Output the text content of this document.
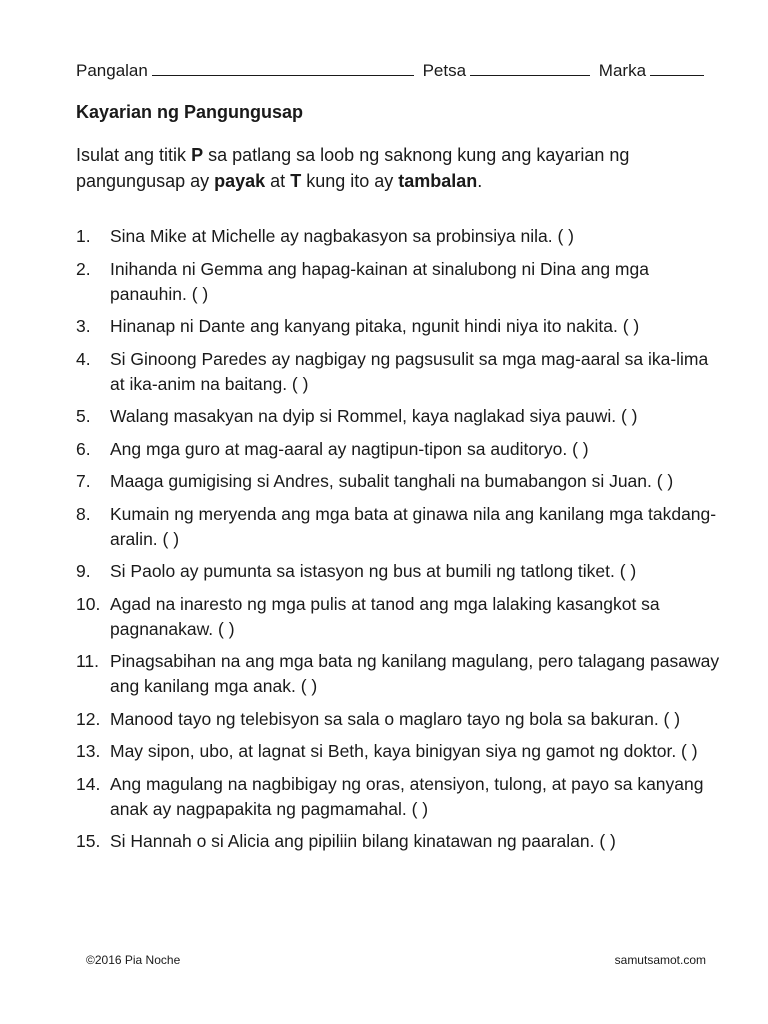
Pangalan	Petsa	Marka
Kayarian ng Pangungusap
Isulat ang titik P sa patlang sa loob ng saknong kung ang kayarian ng pangungusap ay payak at T kung ito ay tambalan.
1. Sina Mike at Michelle ay nagbakasyon sa probinsiya nila. ( )
2. Inihanda ni Gemma ang hapag-kainan at sinalubong ni Dina ang mga panauhin. ( )
3. Hinanap ni Dante ang kanyang pitaka, ngunit hindi niya ito nakita. ( )
4. Si Ginoong Paredes ay nagbigay ng pagsusulit sa mga mag-aaral sa ika-lima at ika-anim na baitang. ( )
5. Walang masakyan na dyip si Rommel, kaya naglakad siya pauwi. ( )
6. Ang mga guro at mag-aaral ay nagtipun-tipon sa auditoryo. ( )
7. Maaga gumigising si Andres, subalit tanghali na bumabangon si Juan. ( )
8. Kumain ng meryenda ang mga bata at ginawa nila ang kanilang mga takdang-aralin. ( )
9. Si Paolo ay pumunta sa istasyon ng bus at bumili ng tatlong tiket. ( )
10. Agad na inaresto ng mga pulis at tanod ang mga lalaking kasangkot sa pagnanakaw. ( )
11. Pinagsabihan na ang mga bata ng kanilang magulang, pero talagang pasaway ang kanilang mga anak. ( )
12. Manood tayo ng telebisyon sa sala o maglaro tayo ng bola sa bakuran. ( )
13. May sipon, ubo, at lagnat si Beth, kaya binigyan siya ng gamot ng doktor. ( )
14. Ang magulang na nagbibigay ng oras, atensiyon, tulong, at payo sa kanyang anak ay nagpapakita ng pagmamahal. ( )
15. Si Hannah o si Alicia ang pipiliin bilang kinatawan ng paaralan. ( )
©2016 Pia Noche	samutsamot.com
